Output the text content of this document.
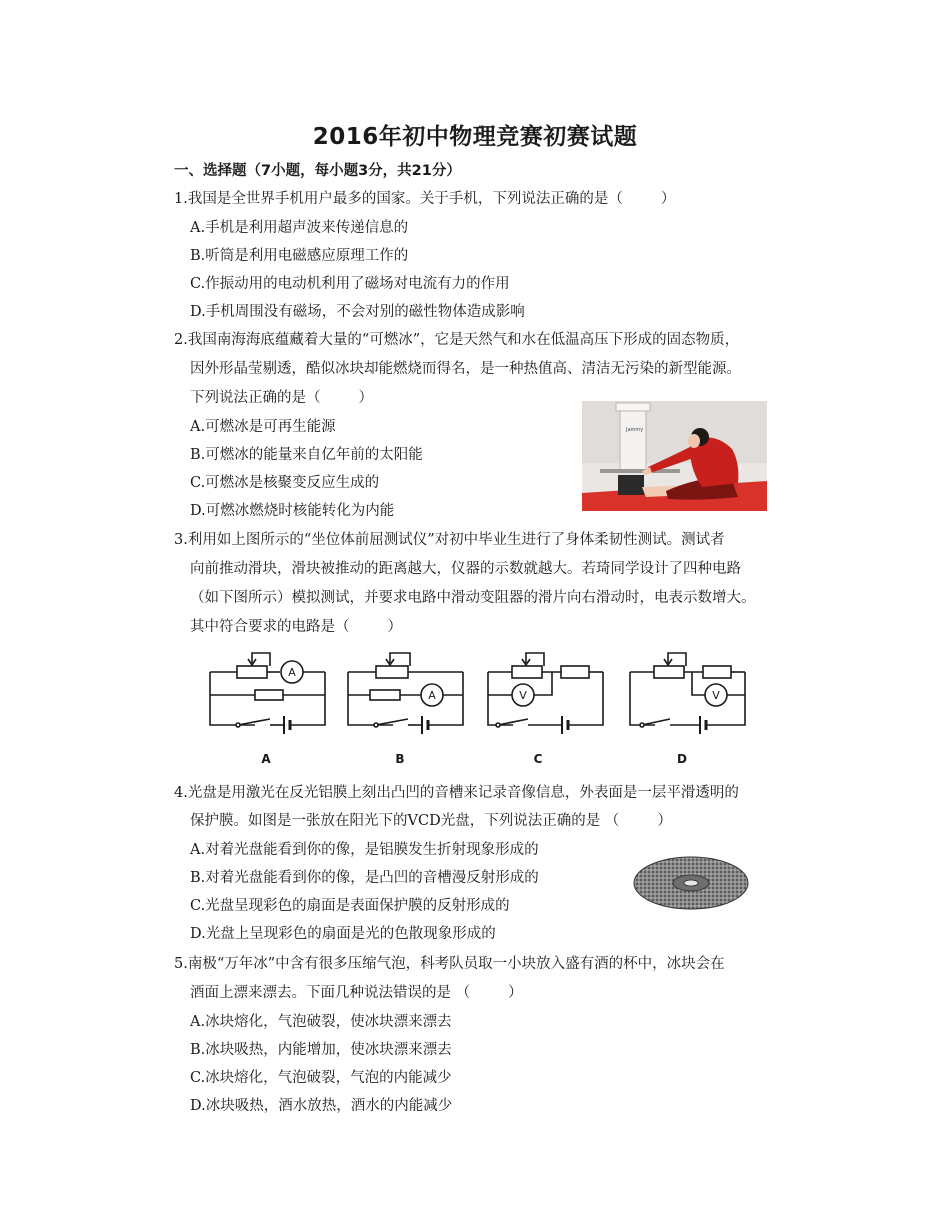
2016年初中物理竞赛初赛试题
一、选择题（7小题，每小题3分，共21分）
1.我国是全世界手机用户最多的国家。关于手机，下列说法正确的是（	）
A.手机是利用超声波来传递信息的
B.听筒是利用电磁感应原理工作的
C.作振动用的电动机利用了磁场对电流有力的作用
D.手机周围没有磁场，不会对别的磁性物体造成影响
2.我国南海海底蕴藏着大量的“可燃冰”，它是天然气和水在低温高压下形成的固态物质，
因外形晶莹剔透，酷似冰块却能燃烧而得名，是一种热值高、清洁无污染的新型能源。
下列说法正确的是（	）
A.可燃冰是可再生能源
B.可燃冰的能量来自亿年前的太阳能
C.可燃冰是核聚变反应生成的
D.可燃冰燃烧时核能转化为内能
Jammy
3.利用如上图所示的“坐位体前屈测试仪”对初中毕业生进行了身体柔韧性测试。测试者
向前推动滑块，滑块被推动的距离越大，仪器的示数就越大。若琦同学设计了四种电路
（如下图所示）模拟测试，并要求电路中滑动变阻器的滑片向右滑动时，电表示数增大。
其中符合要求的电路是（	）
A
A
A
B
V
C
V
D
4.光盘是用激光在反光铝膜上刻出凸凹的音槽来记录音像信息，外表面是一层平滑透明的
保护膜。如图是一张放在阳光下的VCD光盘，下列说法正确的是 （	）
A.对着光盘能看到你的像，是铝膜发生折射现象形成的
B.对着光盘能看到你的像，是凸凹的音槽漫反射形成的
C.光盘呈现彩色的扇面是表面保护膜的反射形成的
D.光盘上呈现彩色的扇面是光的色散现象形成的
5.南极“万年冰”中含有很多压缩气泡，科考队员取一小块放入盛有酒的杯中，冰块会在
酒面上漂来漂去。下面几种说法错误的是 （	）
A.冰块熔化，气泡破裂，使冰块漂来漂去
B.冰块吸热，内能增加，使冰块漂来漂去
C.冰块熔化，气泡破裂，气泡的内能减少
D.冰块吸热，酒水放热，酒水的内能减少
